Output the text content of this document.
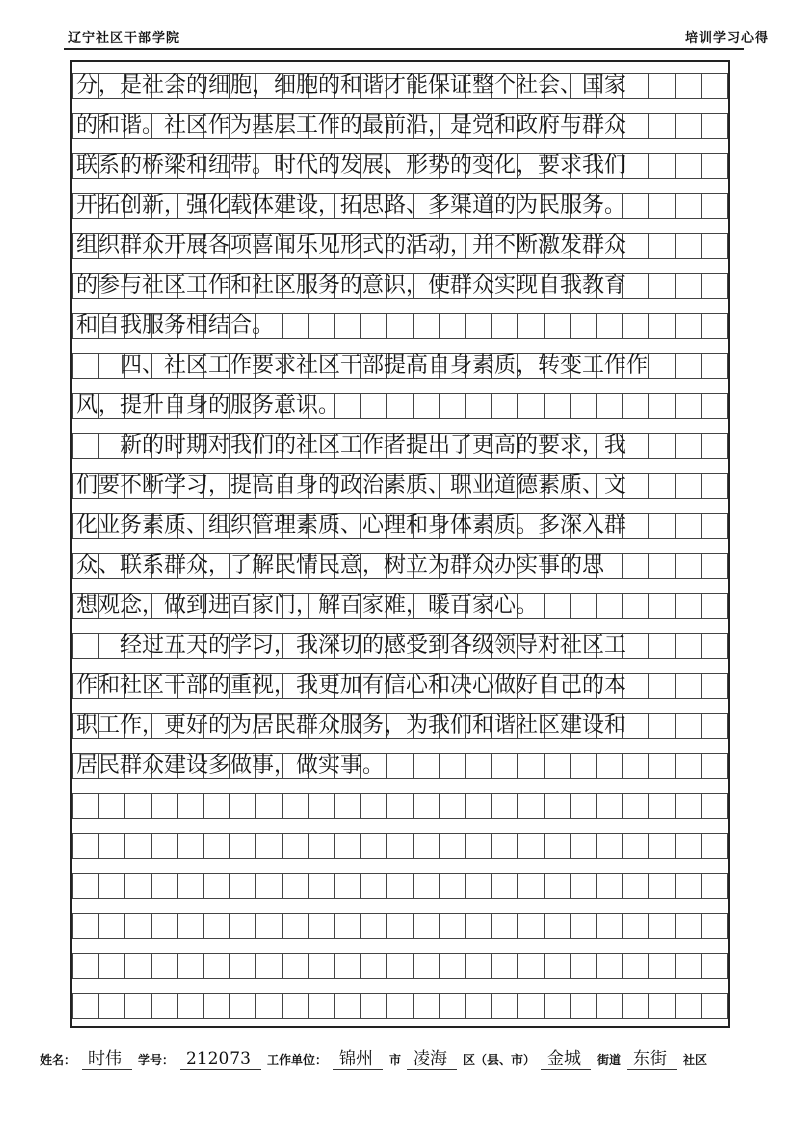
辽宁社区干部学院	培训学习心得
分，是社会的细胞，细胞的和谐才能保证整个社会、国家
的和谐。社区作为基层工作的最前沿，是党和政府与群众
联系的桥梁和纽带。时代的发展、形势的变化，要求我们
开拓创新，强化载体建设，拓思路、多渠道的为民服务。
组织群众开展各项喜闻乐见形式的活动，并不断激发群众
的参与社区工作和社区服务的意识，使群众实现自我教育
和自我服务相结合。
　　四、社区工作要求社区干部提高自身素质，转变工作作
风，提升自身的服务意识。
　　新的时期对我们的社区工作者提出了更高的要求，我
们要不断学习，提高自身的政治素质、职业道德素质、文
化业务素质、组织管理素质、心理和身体素质。多深入群
众、联系群众，了解民情民意，树立为群众办实事的思
想观念，做到进百家门，解百家难，暖百家心。
　　经过五天的学习，我深切的感受到各级领导对社区工
作和社区干部的重视，我更加有信心和决心做好自己的本
职工作，更好的为居民群众服务，为我们和谐社区建设和
居民群众建设多做事，做实事。
姓名： 时伟	学号： 212073	工作单位： 锦州	市 凌海	区（县、市） 金城	街道 东街	社区
